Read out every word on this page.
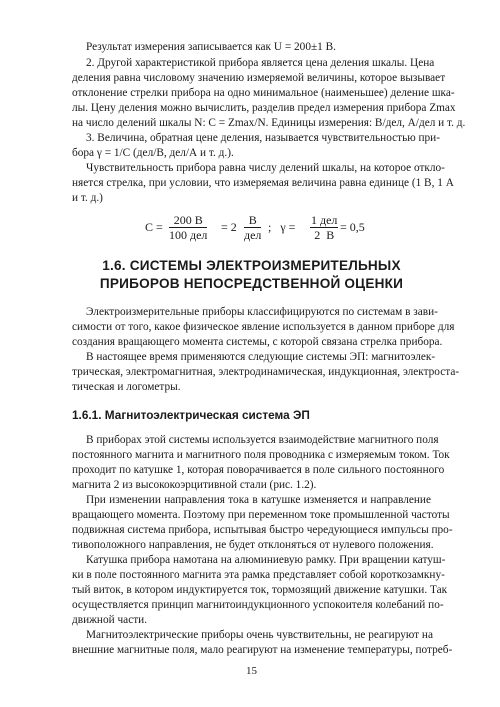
Результат измерения записывается как U = 200±1 В.
2. Другой характеристикой прибора является цена деления шкалы. Цена
деления равна числовому значению измеряемой величины, которое вызывает
отклонение стрелки прибора на одно минимальное (наименьшее) деление шка-
лы. Цену деления можно вычислить, разделив предел измерения прибора Zmax
на число делений шкалы N: C = Zmax/N. Единицы измерения: В/дел, А/дел и т. д.
3. Величина, обратная цене деления, называется чувствительностью при-
бора γ = 1/C (дел/В, дел/А и т. д.).
Чувствительность прибора равна числу делений шкалы, на которое откло-
няется стрелка, при условии, что измеряемая величина равна единице (1 В, 1 А
и т. д.)
C = 200 В
100 дел
= 2 В
дел
;   γ = 1 дел
2  В
= 0,5
1.6. СИСТЕМЫ ЭЛЕКТРОИЗМЕРИТЕЛЬНЫХ
ПРИБОРОВ НЕПОСРЕДСТВЕННОЙ ОЦЕНКИ
Электроизмерительные приборы классифицируются по системам в зави-
симости от того, какое физическое явление используется в данном приборе для
создания вращающего момента системы, с которой связана стрелка прибора.
В настоящее время применяются следующие системы ЭП: магнитоэлек-
трическая, электромагнитная, электродинамическая, индукционная, электроста-
тическая и логометры.
1.6.1. Магнитоэлектрическая система ЭП
В приборах этой системы используется взаимодействие магнитного поля
постоянного магнита и магнитного поля проводника с измеряемым током. Ток
проходит по катушке 1, которая поворачивается в поле сильного постоянного
магнита 2 из высококоэрцитивной стали (рис. 1.2).
При изменении направления тока в катушке изменяется и направление
вращающего момента. Поэтому при переменном токе промышленной частоты
подвижная система прибора, испытывая быстро чередующиеся импульсы про-
тивоположного направления, не будет отклоняться от нулевого положения.
Катушка прибора намотана на алюминиевую рамку. При вращении катуш-
ки в поле постоянного магнита эта рамка представляет собой короткозамкну-
тый виток, в котором индуктируется ток, тормозящий движение катушки. Так
осуществляется принцип магнитоиндукционного успокоителя колебаний по-
движной части.
Магнитоэлектрические приборы очень чувствительны, не реагируют на
внешние магнитные поля, мало реагируют на изменение температуры, потреб-
15
